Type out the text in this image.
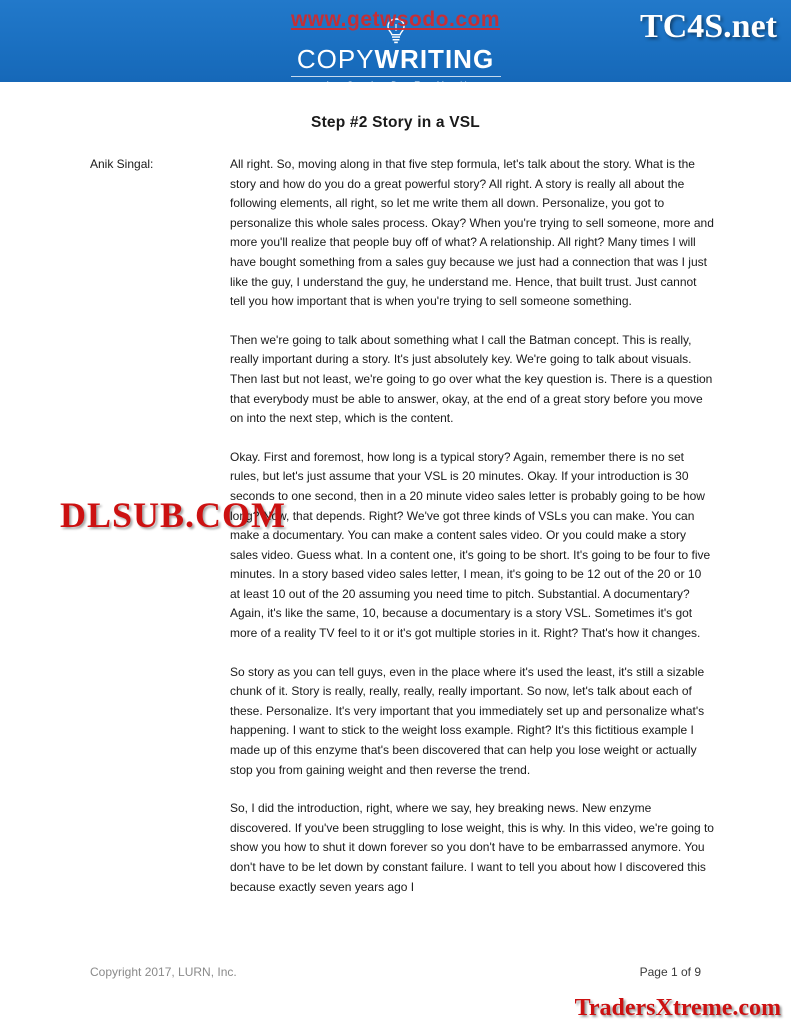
www.getwsodo.com
COPYWRITING
A C A D E M Y
TC4S.net
Step #2 Story in a VSL
Anik Singal:	All right. So, moving along in that five step formula, let's talk about the story. What is the story and how do you do a great powerful story? All right. A story is really all about the following elements, all right, so let me write them all down. Personalize, you got to personalize this whole sales process. Okay? When you're trying to sell someone, more and more you'll realize that people buy off of what? A relationship. All right? Many times I will have bought something from a sales guy because we just had a connection that was I just like the guy, I understand the guy, he understand me. Hence, that built trust. Just cannot tell you how important that is when you're trying to sell someone something.

Then we're going to talk about something what I call the Batman concept. This is really, really important during a story. It's just absolutely key. We're going to talk about visuals. Then last but not least, we're going to go over what the key question is. There is a question that everybody must be able to answer, okay, at the end of a great story before you move on into the next step, which is the content.

Okay. First and foremost, how long is a typical story? Again, remember there is no set rules, but let's just assume that your VSL is 20 minutes. Okay. If your introduction is 30 seconds to one second, then in a 20 minute video sales letter is probably going to be how long? Now, that depends. Right? We've got three kinds of VSLs you can make. You can make a documentary. You can make a content sales video. Or you could make a story sales video. Guess what. In a content one, it's going to be short. It's going to be four to five minutes. In a story based video sales letter, I mean, it's going to be 12 out of the 20 or 10 at least 10 out of the 20 assuming you need time to pitch. Substantial. A documentary? Again, it's like the same, 10, because a documentary is a story VSL. Sometimes it's got more of a reality TV feel to it or it's got multiple stories in it. Right? That's how it changes.

So story as you can tell guys, even in the place where it's used the least, it's still a sizable chunk of it. Story is really, really, really, really important. So now, let's talk about each of these. Personalize. It's very important that you immediately set up and personalize what's happening. I want to stick to the weight loss example. Right? It's this fictitious example I made up of this enzyme that's been discovered that can help you lose weight or actually stop you from gaining weight and then reverse the trend.

So, I did the introduction, right, where we say, hey breaking news. New enzyme discovered. If you've been struggling to lose weight, this is why. In this video, we're going to show you how to shut it down forever so you don't have to be embarrassed anymore. You don't have to be let down by constant failure. I want to tell you about how I discovered this because exactly seven years ago I

DLSUB.COM
Copyright 2017, LURN, Inc.	Page 1 of 9
TradersXtreme.com
